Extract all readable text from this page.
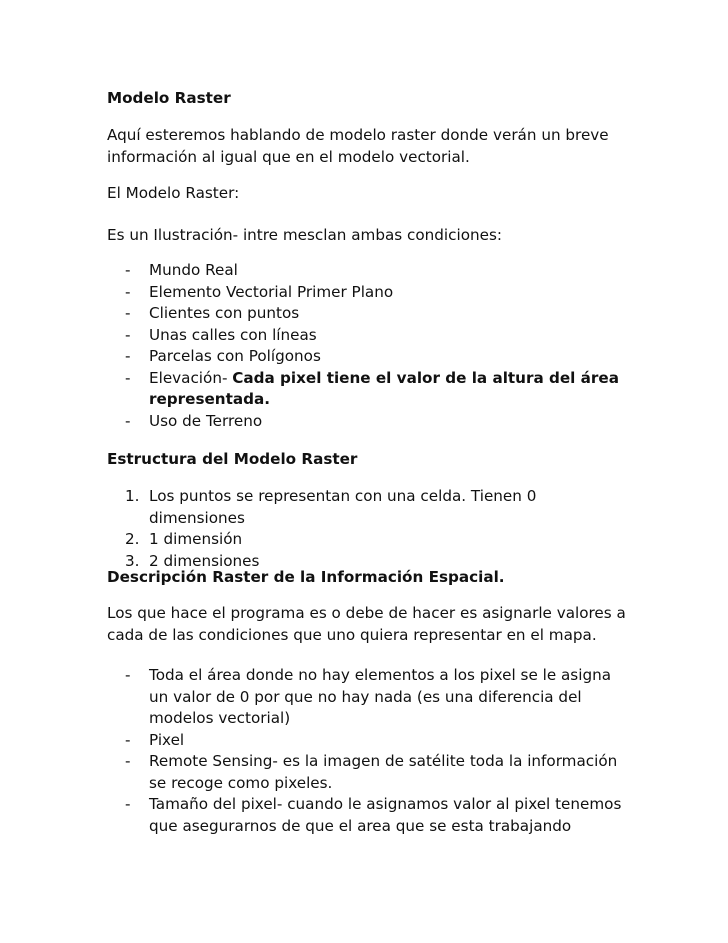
Modelo Raster

Aquí esteremos hablando de modelo raster donde verán un breve información al igual que en el modelo vectorial.

El Modelo Raster:

Es un Ilustración- intre mesclan ambas condiciones:

- Mundo Real
- Elemento Vectorial Primer Plano
- Clientes con puntos
- Unas calles con líneas
- Parcelas con Polígonos
- Elevación- Cada pixel tiene el valor de la altura del área representada.
- Uso de Terreno

Estructura del Modelo Raster

1. Los puntos se representan con una celda. Tienen 0 dimensiones
2. 1 dimensión
3. 2 dimensiones

Descripción Raster de la Información Espacial.

Los que hace el programa es o debe de hacer es asignarle valores a cada de las condiciones que uno quiera representar en el mapa.

- Toda el área donde no hay elementos a los pixel se le asigna un valor de 0 por que no hay nada (es una diferencia del modelos vectorial)
- Pixel
- Remote Sensing- es la imagen de satélite toda la información se recoge como pixeles.
- Tamaño del pixel- cuando le asignamos valor al pixel tenemos que asegurarnos de que el area que se esta trabajando
